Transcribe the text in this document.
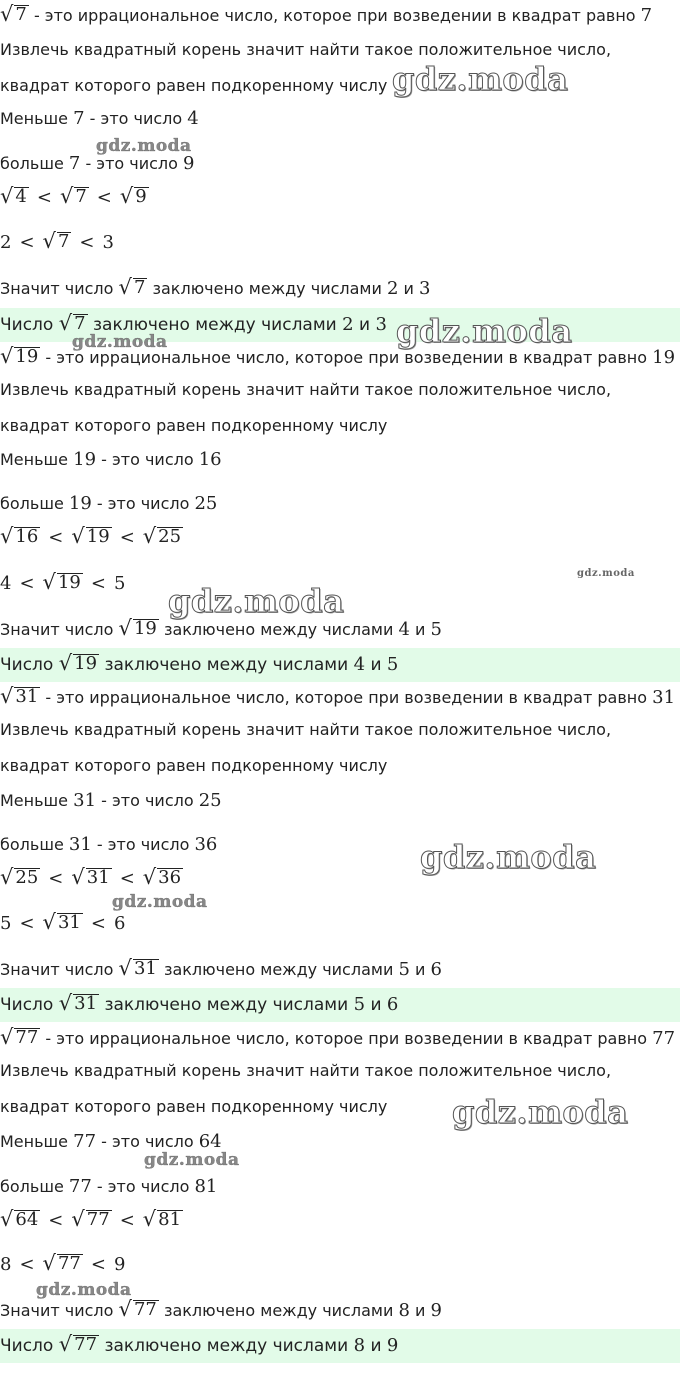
√ 7 - это иррациональное число, которое при возведении в квадрат равно 7
Извлечь квадратный корень значит найти такое положительное число,
квадрат которого равен подкоренному числу
Меньше 7 - это число 4
больше 7 - это число 9
√ 4 < √ 7 < √ 9
2 < √ 7 < 3
Значит число √ 7 заключено между числами 2 и 3
Число √ 7 заключено между числами 2 и 3
√ 19 - это иррациональное число, которое при возведении в квадрат равно 19
Извлечь квадратный корень значит найти такое положительное число,
квадрат которого равен подкоренному числу
Меньше 19 - это число 16
больше 19 - это число 25
√ 16 < √ 19 < √ 25
4 < √ 19 < 5
Значит число √ 19 заключено между числами 4 и 5
Число √ 19 заключено между числами 4 и 5
√ 31 - это иррациональное число, которое при возведении в квадрат равно 31
Извлечь квадратный корень значит найти такое положительное число,
квадрат которого равен подкоренному числу
Меньше 31 - это число 25
больше 31 - это число 36
√ 25 < √ 31 < √ 36
5 < √ 31 < 6
Значит число √ 31 заключено между числами 5 и 6
Число √ 31 заключено между числами 5 и 6
√ 77 - это иррациональное число, которое при возведении в квадрат равно 77
Извлечь квадратный корень значит найти такое положительное число,
квадрат которого равен подкоренному числу
Меньше 77 - это число 64
больше 77 - это число 81
√ 64 < √ 77 < √ 81
8 < √ 77 < 9
Значит число √ 77 заключено между числами 8 и 9
Число √ 77 заключено между числами 8 и 9
gdz.moda
gdz.moda
gdz.moda
gdz.moda
gdz.moda
gdz.moda
gdz.moda
gdz.moda
gdz.moda
gdz.moda
gdz.moda
